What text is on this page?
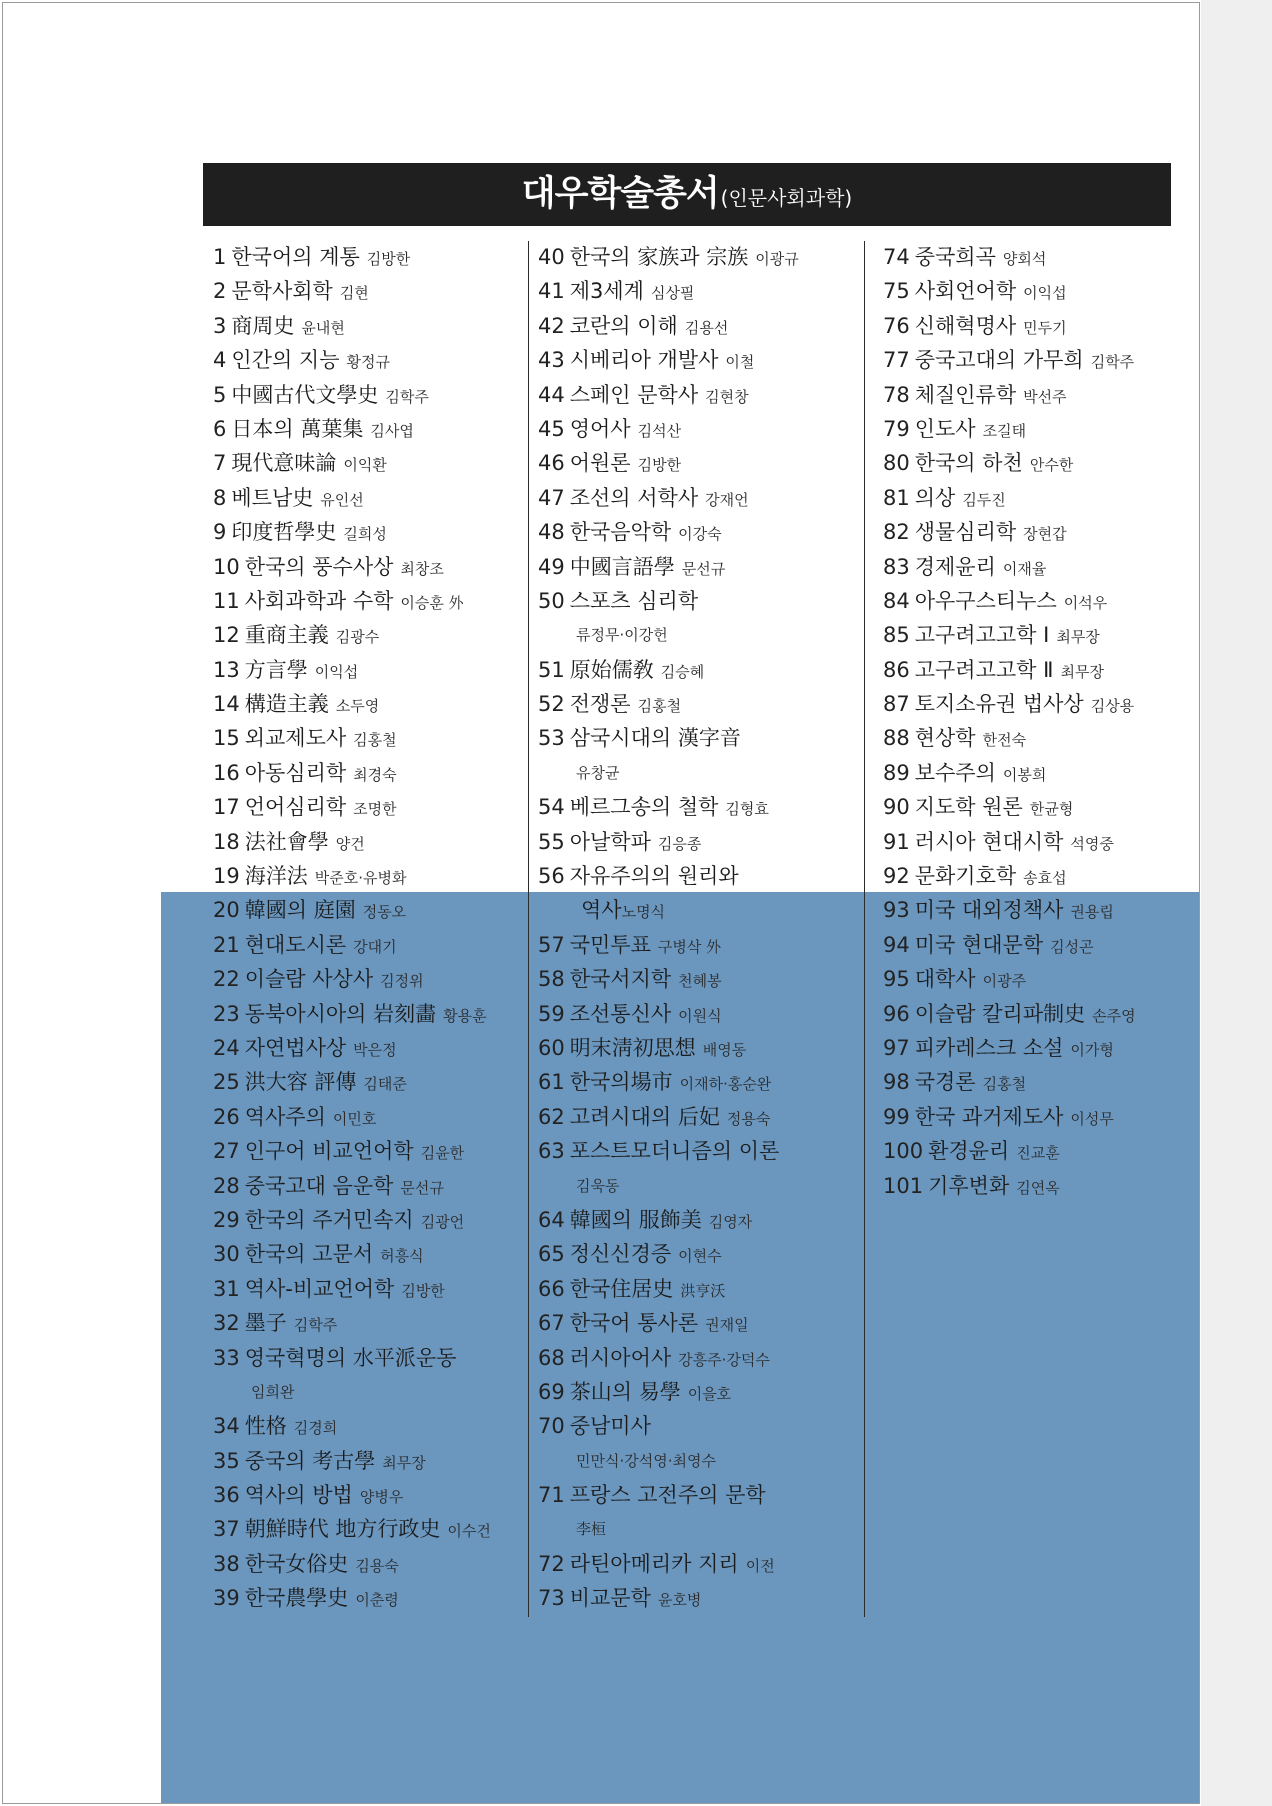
대우학술총서 (인문사회과학)
1 한국어의 계통 김방한
2 문학사회학 김현
3 商周史 윤내현
4 인간의 지능 황정규
5 中國古代文學史 김학주
6 日本의 萬葉集 김사엽
7 現代意味論 이익환
8 베트남史 유인선
9 印度哲學史 길희성
10 한국의 풍수사상 최창조
11 사회과학과 수학 이승훈 外
12 重商主義 김광수
13 方言學 이익섭
14 構造主義 소두영
15 외교제도사 김홍철
16 아동심리학 최경숙
17 언어심리학 조명한
18 法社會學 양건
19 海洋法 박준호·유병화
20 韓國의 庭園 정동오
21 현대도시론 강대기
22 이슬람 사상사 김정위
23 동북아시아의 岩刻畵 황용훈
24 자연법사상 박은정
25 洪大容 評傳 김태준
26 역사주의 이민호
27 인구어 비교언어학 김윤한
28 중국고대 음운학 문선규
29 한국의 주거민속지 김광언
30 한국의 고문서 허흥식
31 역사-비교언어학 김방한
32 墨子 김학주
33 영국혁명의 水平派운동
임희완
34 性格 김경희
35 중국의 考古學 최무장
36 역사의 방법 양병우
37 朝鮮時代 地方行政史 이수건
38 한국女俗史 김용숙
39 한국農學史 이춘령
40 한국의 家族과 宗族 이광규
41 제3세계 심상필
42 코란의 이해 김용선
43 시베리아 개발사 이철
44 스페인 문학사 김현창
45 영어사 김석산
46 어원론 김방한
47 조선의 서학사 강재언
48 한국음악학 이강숙
49 中國言語學 문선규
50 스포츠 심리학
류정무·이강헌
51 原始儒敎 김승혜
52 전쟁론 김홍철
53 삼국시대의 漢字音
유창균
54 베르그송의 철학 김형효
55 아날학파 김응종
56 자유주의의 원리와
역사노명식
57 국민투표 구병삭 外
58 한국서지학 천혜봉
59 조선통신사 이원식
60 明末淸初思想 배영동
61 한국의場市 이재하·홍순완
62 고려시대의 后妃 정용숙
63 포스트모더니즘의 이론
김욱동
64 韓國의 服飾美 김영자
65 정신신경증 이현수
66 한국住居史 洪亨沃
67 한국어 통사론 권재일
68 러시아어사 강흥주·강덕수
69 茶山의 易學 이을호
70 중남미사
민만식·강석영·최영수
71 프랑스 고전주의 문학
李桓
72 라틴아메리카 지리 이전
73 비교문학 윤호병
74 중국희곡 양회석
75 사회언어학 이익섭
76 신해혁명사 민두기
77 중국고대의 가무희 김학주
78 체질인류학 박선주
79 인도사 조길태
80 한국의 하천 안수한
81 의상 김두진
82 생물심리학 장현갑
83 경제윤리 이재율
84 아우구스티누스 이석우
85 고구려고고학 Ⅰ 최무장
86 고구려고고학 Ⅱ 최무장
87 토지소유권 법사상 김상용
88 현상학 한전숙
89 보수주의 이봉희
90 지도학 원론 한균형
91 러시아 현대시학 석영중
92 문화기호학 송효섭
93 미국 대외정책사 권용립
94 미국 현대문학 김성곤
95 대학사 이광주
96 이슬람 칼리파制史 손주영
97 피카레스크 소설 이가형
98 국경론 김홍철
99 한국 과거제도사 이성무
100 환경윤리 진교훈
101 기후변화 김연옥
